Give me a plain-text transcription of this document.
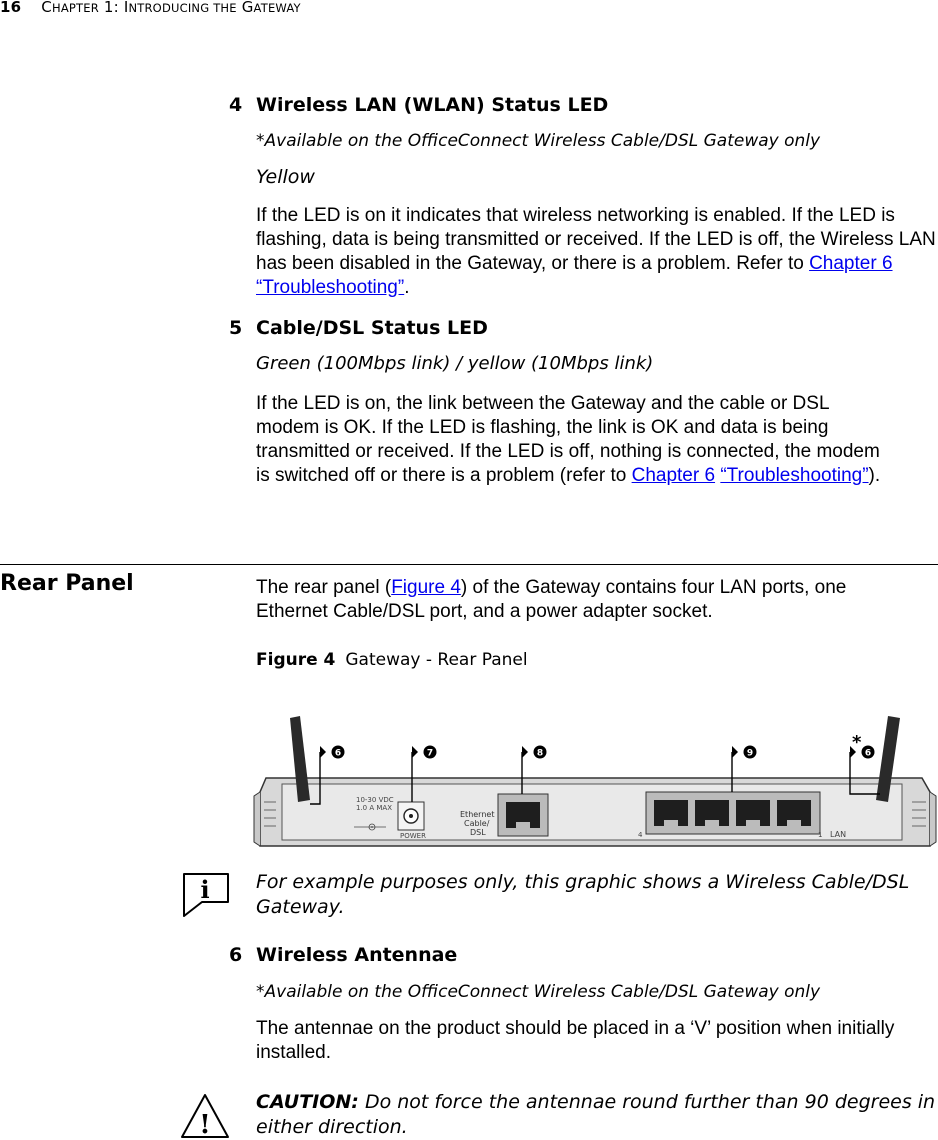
16 CHAPTER 1: INTRODUCING THE GATEWAY
4 Wireless LAN (WLAN) Status LED
*Available on the OfficeConnect Wireless Cable/DSL Gateway only
Yellow
If the LED is on it indicates that wireless networking is enabled. If the LED is flashing, data is being transmitted or received. If the LED is off, the Wireless LAN has been disabled in the Gateway, or there is a problem. Refer to Chapter 6 “Troubleshooting”.
5 Cable/DSL Status LED
Green (100Mbps link) / yellow (10Mbps link)
If the LED is on, the link between the Gateway and the cable or DSL modem is OK. If the LED is flashing, the link is OK and data is being transmitted or received. If the LED is off, nothing is connected, the modem is switched off or there is a problem (refer to Chapter 6 “Troubleshooting”).
Rear Panel	The rear panel (Figure 4) of the Gateway contains four LAN ports, one Ethernet Cable/DSL port, and a power adapter socket.
Figure 4 Gateway - Rear Panel
10-30 VDC
1.0 A MAX
POWER
Ethernet
Cable/
DSL	4	1 LAN
6	7	8	9	6
*
i For example purposes only, this graphic shows a Wireless Cable/DSL Gateway.
6 Wireless Antennae
*Available on the OfficeConnect Wireless Cable/DSL Gateway only
The antennae on the product should be placed in a ‘V’ position when initially installed.
!
CAUTION: Do not force the antennae round further than 90 degrees in either direction.
